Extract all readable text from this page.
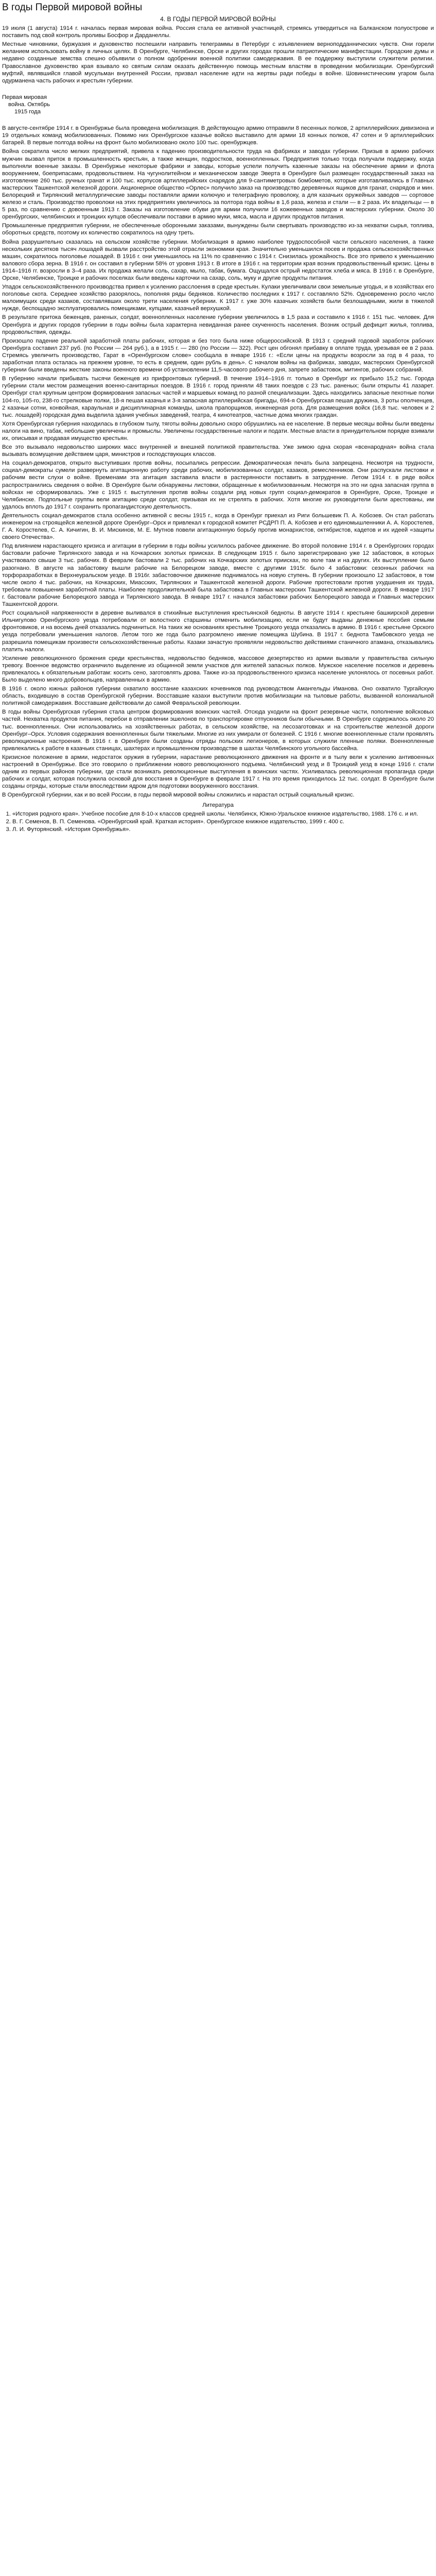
В годы Первой мировой войны
4. В ГОДЫ ПЕРВОЙ МИРОВОЙ ВОЙНЫ

19 июля (1 августа) 1914 г. началась первая мировая война. Россия стала ее активной участницей, стремясь утвердиться на Балканском полуострове и поставить под свой контроль проливы Босфор и Дарданеллы.

Местные чиновники, буржуазия и духовенство поспешили направить телеграммы в Петербург с изъявлением верноподданнических чувств. Они горели желанием использовать войну в личных целях. В Оренбурге, Челябинске, Орске и других городах прошли патриотические манифестации. Городские думы и недавно созданные земства спешно объявили о полном одобрении военной политики самодержавия. В ее поддержку выступили служители религии. Православное духовенство края взывало ко святым силам оказать действенную помощь местным властям в проведении мобилизации. Оренбургский муфтий, являвшийся главой мусульман внутренней России, призвал население идти на жертвы ради победы в войне. Шовинистическим угаром была одурманена часть рабочих и крестьян губернии.

Первая мировая
война. Октябрь
1915 года

В августе-сентябре 1914 г. в Оренбуржье была проведена мобилизация. В действующую армию отправили 8 песенных полков, 2 артиллерийских дивизиона и 19 отдельных команд мобилизованных. Помимо них Оренбургское казачье войско выставило для армии 18 конных полков, 47 сотен и 9 артиллерийских батарей. В первые полгода войны на фронт было мобилизовано около 100 тыс. оренбуржцев.

Война сократила число мелких предприятий, привела к падению производительности труда на фабриках и заводах губернии. Призыв в армию рабочих мужчин вызвал приток в промышленность крестьян, а также женщин, подростков, военнопленных. Предприятия только тогда получали поддержку, когда выполняли военные заказы. В Оренбуржье некоторые фабрики и заводы, которые успели получить казенные заказы на обеспечение армии и флота вооружением, боеприпасами, продовольствием. На чугунолитейном и механическом заводе Эверта в Оренбурге был размещен государственный заказ на изготовление 260 тыс. ручных гранат и 100 тыс. корпусов артиллерийских снарядов для 9-сантиметровых бомбометов, которые изготавливались в Главных мастерских Ташкентской железной дороги. Акционерное общество «Орлес» получило заказ на производство деревянных ящиков для гранат, снарядов и мин. Белорецкий и Тирлянский металлургические заводы поставляли армии колючую и телеграфную проволоку, а для казачьих оружейных заводов — сортовое железо и сталь. Производство проволоки на этих предприятиях увеличилось за полтора года войны в 1,6 раза, железа и стали — в 2 раза. Их владельцы — в 5 раз, по сравнению с довоенным 1913 г. Заказы на изготовление обуви для армии получили 16 кожевенных заводов и мастерских губернии. Около 30 оренбургских, челябинских и троицких купцов обеспечивали поставки в армию муки, мяса, масла и других продуктов питания.

Промышленные предприятия губернии, не обеспеченные оборонными заказами, вынуждены были свертывать производство из-за нехватки сырья, топлива, оборотных средств, поэтому их количество сократилось на одну треть.

Война разрушительно сказалась на сельском хозяйстве губернии. Мобилизация в армию наиболее трудоспособной части сельского населения, а также нескольких десятков тысяч лошадей вызвали расстройство этой отрасли экономики края. Значительно уменьшился посев и продажа сельскохозяйственных машин, сократилось поголовье лошадей. В 1916 г. они уменьшилось на 11% по сравнению с 1914 г. Снизилась урожайность. Все это привело к уменьшению валового сбора зерна. В 1916 г. он составил в губернии 58% от уровня 1913 г. В итоге в 1916 г. на территории края возник продовольственный кризис. Цены в 1914–1916 гг. возросли в 3–4 раза. Их продажа желали соль, сахар, мыло, табак, бумага. Ощущался острый недостаток хлеба и мяса. В 1916 г. в Оренбурге, Орске, Челябинске, Троицке и рабочих поселках были введены карточки на сахар, соль, муку и другие продукты питания.

Упадок сельскохозяйственного производства привел к усилению расслоения в среде крестьян. Кулаки увеличивали свои земельные угодья, и в хозяйствах его поголовье скота. Середнее хозяйство разорялось, пополняя ряды бедняков. Количество последних к 1917 г. составляло 52%. Одновременно росло число малоимущих среди казаков, составлявших около трети населения губернии. К 1917 г. уже 30% казачьих хозяйств были безлошадными, жили в тяжелой нужде, беспощадно эксплуатировались помещиками, купцами, казачьей верхушкой.

В результате притока беженцев, раненых, солдат, военнопленных население губернии увеличилось в 1,5 раза и составило к 1916 г. 151 тыс. человек. Для Оренбурга и других городов губернии в годы войны была характерна невиданная ранее скученность населения. Возник острый дефицит жилья, топлива, продовольствия, одежды.

Произошло падение реальной заработной платы рабочих, которая и без того была ниже общероссийской. В 1913 г. средний годовой заработок рабочих Оренбурга составил 237 руб. (по России — 264 руб.), а в 1915 г. — 280 (по России — 322). Рост цен обгонял прибавку в оплате труда, урезывая ее в 2 раза. Стремясь увеличить производство, Гарат в «Оренбургском слове» сообщала в январе 1916 г.: «Если цены на продукты возросли за год в 4 раза, то заработная плата осталась на прежнем уровне, то есть в среднем, один рубль в день». С началом войны на фабриках, заводах, мастерских Оренбургской губернии были введены жесткие законы военного времени об установлении 11,5-часового рабочего дня, запрете забастовок, митингов, рабочих собраний.

В губернию начали прибывать тысячи беженцев из прифронтовых губерний. В течение 1914–1916 гг. только в Оренбург их прибыло 15,2 тыс. Города губернии стали местом размещения военно-санитарных поездов. В 1916 г. город приняли 48 таких поездов с 23 тыс. раненых; были открыты 41 лазарет. Оренбург стал крупным центром формирования запасных частей и маршевых команд по разной специализации. Здесь находились запасные пехотные полки 104-го, 105-го, 238-го стрелковые полки, 18-я пешая казачья и 3-я запасная артиллерийская бригады, 694-я Оренбургская пешая дружина, 3 роты ополченцев, 2 казачьи сотни, конвойная, караульная и дисциплинарная команды, школа прапорщиков, инженерная рота. Для размещения войск (16,8 тыс. человек и 2 тыс. лошадей) городская дума выделила здания учебных заведений, театра, 4 кинотеатров, частные дома многих граждан.

Хотя Оренбургская губерния находилась в глубоком тылу, тяготы войны довольно скоро обрушились на ее население. В первые месяцы войны были введены налоги на вино, табак, небольшие увеличены и промыслы. Увеличены государственные налоги и подати. Местные власти в принудительном порядке взимали их, описывая и продавая имущество крестьян.

Все это вызывало недовольство широких масс внутренней и внешней политикой правительства. Уже зимою одна скорая «всенародная» война стала вызывать возмущение действием царя, министров и господствующих классов.

На социал-демократов, открыто выступивших против войны, посыпались репрессии. Демократическая печать была запрещена. Несмотря на трудности, социал-демократы сумели развернуть агитационную работу среди рабочих, мобилизованных солдат, казаков, ремесленников. Они распускали листовки и рабочим вести слухи о войне. Временами эта агитация заставила власти в растерянности поставить в затруднение. Летом 1914 г. в ряде войск распространились сведения о войне. В Оренбурге были обнаружены листовки, обращенные к мобилизованным. Несмотря на это ни одна запасная группа в войсках не сформировалась. Уже с 1915 г. выступления против войны создали ряд новых групп социал-демократов в Оренбурге, Орске, Троицке и Челябинске. Подпольные группы вели агитацию среди солдат, призывая их не стрелять в рабочих. Хотя многие их руководители были арестованы, им удалось вплоть до 1917 г. сохранить пропагандистскую деятельность.

Деятельность социал-демократов стала особенно активной с весны 1915 г., когда в Оренбург приехал из Риги большевик П. А. Кобозев. Он стал работать инженером на строящейся железной дороге Оренбург–Орск и привлекал к городской комитет РСДРП П. А. Кобозев и его единомышленники А. А. Коростелев, Г. А. Коростелев, С. А. Кичигин, В. И. Мискинов, М. Е. Мутнов повели агитационную борьбу против монархистов, октябристов, кадетов и их идеей «защиты своего Отечества».

Под влиянием нарастающего кризиса и агитации в губернии в годы войны усилилось рабочее движение. Во второй половине 1914 г. в Оренбургских городах бастовали рабочие Тирлянского завода и на Кочкарских золотых приисках. В следующем 1915 г. было зарегистрировано уже 12 забастовок, в которых участвовало свыше 3 тыс. рабочих. В феврале бастовали 2 тыс. рабочих на Кочкарских золотых приисках, по воле там и на других. Их выступление было разогнано. В августе на забастовку вышли рабочие на Белорецком заводе, вместе с другими 1915г. было 4 забастовки: сезонных рабочих на торфоразработках в Верхнеуральском уезде. В 1916г. забастовочное движение поднималось на новую ступень. В губернии произошло 12 забастовок, в том числе около 4 тыс. рабочих, на Кочкарских, Миасских, Тирлянских и Ташкентской железной дороги. Рабочие протестовали против ухудшения их труда, требовали повышения заработной платы. Наиболее продолжительной была забастовка в Главных мастерских Ташкентской железной дороги. В январе 1917 г. бастовали рабочие Белорецкого завода и Тирлянского завода. В январе 1917 г. начался забастовки рабочих Белорецкого завода и Главных мастерских Ташкентской дороги.

Рост социальной напряженности в деревне выливался в стихийные выступления крестьянской бедноты. В августе 1914 г. крестьяне башкирской деревни Ильчигулово Оренбургского уезда потребовали от волостного старшины отменить мобилизацию, если не будут выданы денежные пособия семьям фронтовиков, и на восемь дней отказались подчиниться. На таких же основаниях крестьяне Троицкого уезда отказались в армию. В 1916 г. крестьяне Орского уезда потребовали уменьшения налогов. Летом того же года было разгромлено имение помещика Шубина. В 1917 г. беднота Тамбовского уезда не разрешила помещикам произвести сельскохозяйственные работы. Казаки зачастую проявляли недовольство действиями станичного атамана, отказывались платить налоги.

Усиление революционного брожения среди крестьянства, недовольство бедняков, массовое дезертирство из армии вызвали у правительства сильную тревогу. Военное ведомство ограничило выделение из общинной земли участков для жителей запасных полков. Мужское население поселков и деревень привлекалось к обязательным работам: косить сено, заготовлять дрова. Также из-за продовольственного кризиса население уклонялось от посевных работ. Было выделено много добровольцев, направленных в армию.

В 1916 г. около южных районов губернии охватило восстание казахских кочевников под руководством Амангельды Иманова. Оно охватило Тургайскую область, входившую в состав Оренбургской губернии. Восставшие казахи выступили против мобилизации на тыловые работы, вызванной колониальной политикой самодержавия. Восставшие действовали до самой Февральской революции.

В годы войны Оренбургская губерния стала центром формирования воинских частей. Отсюда уходили на фронт резервные части, пополнение войсковых частей. Нехватка продуктов питания, перебои в отправлении эшелонов по транспортировке отпускников были обычными. В Оренбурге содержалось около 20 тыс. военнопленных. Они использовались на хозяйственных работах, в сельском хозяйстве, на лесозаготовках и на строительстве железной дороги Оренбург–Орск. Условия содержания военнопленных были тяжелыми. Многие из них умирали от болезней. С 1916 г. многие военнопленные стали проявлять революционные настроения. В 1916 г. в Оренбурге были созданы отряды польских легионеров, в которых служили пленные поляки. Военнопленные привлекались к работе в казачьих станицах, шахтерах и промышленном производстве в шахтах Челябинского угольного бассейна.

Кризисное положение в армии, недостаток оружия в губернии, нарастание революционного движения на фронте и в тылу вели к усилению антивоенных настроений в Оренбуржье. Все это говорило о приближении нового революционного подъема. Челябинский уезд и 8 Троицкий уезд в конце 1916 г. стали одним из первых районов губернии, где стали возникать революционные выступления в воинских частях. Усиливалась революционная пропаганда среди рабочих и солдат, которая послужила основой для восстания в Оренбурге в феврале 1917 г. На это время приходилось 12 тыс. солдат. В Оренбурге были созданы отряды, которые стали впоследствии ядром для подготовки вооруженного восстания.

В Оренбургской губернии, как и во всей России, в годы первой мировой войны сложились и нарастал острый социальный кризис.

Литература
1. «История родного края». Учебное пособие для 8-10-х классов средней школы. Челябинск, Южно-Уральское книжное издательство, 1988. 176 с. и ил.
2. В. Г. Семенов, В. П. Семенова. «Оренбургский край. Краткая история». Оренбургское книжное издательство, 1999 г. 400 с.
3. Л. И. Футорянский. «История Оренбуржья».
